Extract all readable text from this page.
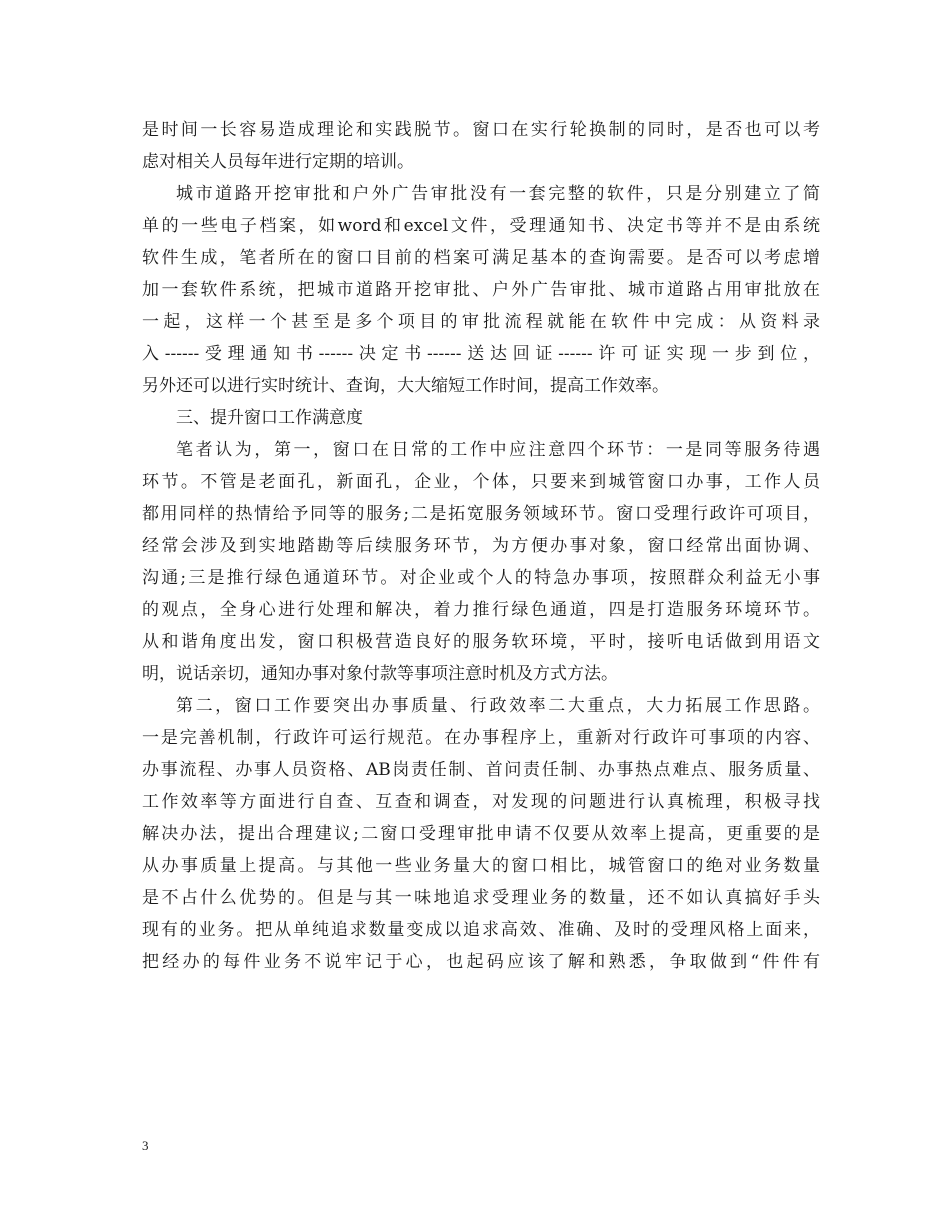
是时间一长容易造成理论和实践脱节。窗口在实行轮换制的同时，是否也可以考
虑对相关人员每年进行定期的培训。
城市道路开挖审批和户外广告审批没有一套完整的软件，只是分别建立了简
单的一些电子档案，如word和excel文件，受理通知书、决定书等并不是由系统
软件生成，笔者所在的窗口目前的档案可满足基本的查询需要。是否可以考虑增
加一套软件系统，把城市道路开挖审批、户外广告审批、城市道路占用审批放在
一起，这样一个甚至是多个项目的审批流程就能在软件中完成：从资料录
入------受理通知书------决定书------送达回证------许可证实现一步到位，
另外还可以进行实时统计、查询，大大缩短工作时间，提高工作效率。
三、提升窗口工作满意度
笔者认为，第一，窗口在日常的工作中应注意四个环节：一是同等服务待遇
环节。不管是老面孔，新面孔，企业，个体，只要来到城管窗口办事，工作人员
都用同样的热情给予同等的服务;二是拓宽服务领域环节。窗口受理行政许可项目，
经常会涉及到实地踏勘等后续服务环节，为方便办事对象，窗口经常出面协调、
沟通;三是推行绿色通道环节。对企业或个人的特急办事项，按照群众利益无小事
的观点，全身心进行处理和解决，着力推行绿色通道，四是打造服务环境环节。
从和谐角度出发，窗口积极营造良好的服务软环境，平时，接听电话做到用语文
明，说话亲切，通知办事对象付款等事项注意时机及方式方法。
第二，窗口工作要突出办事质量、行政效率二大重点，大力拓展工作思路。
一是完善机制，行政许可运行规范。在办事程序上，重新对行政许可事项的内容、
办事流程、办事人员资格、AB岗责任制、首问责任制、办事热点难点、服务质量、
工作效率等方面进行自查、互查和调查，对发现的问题进行认真梳理，积极寻找
解决办法，提出合理建议;二窗口受理审批申请不仅要从效率上提高，更重要的是
从办事质量上提高。与其他一些业务量大的窗口相比，城管窗口的绝对业务数量
是不占什么优势的。但是与其一味地追求受理业务的数量，还不如认真搞好手头
现有的业务。把从单纯追求数量变成以追求高效、准确、及时的受理风格上面来，
把经办的每件业务不说牢记于心，也起码应该了解和熟悉，争取做到“件件有
3
